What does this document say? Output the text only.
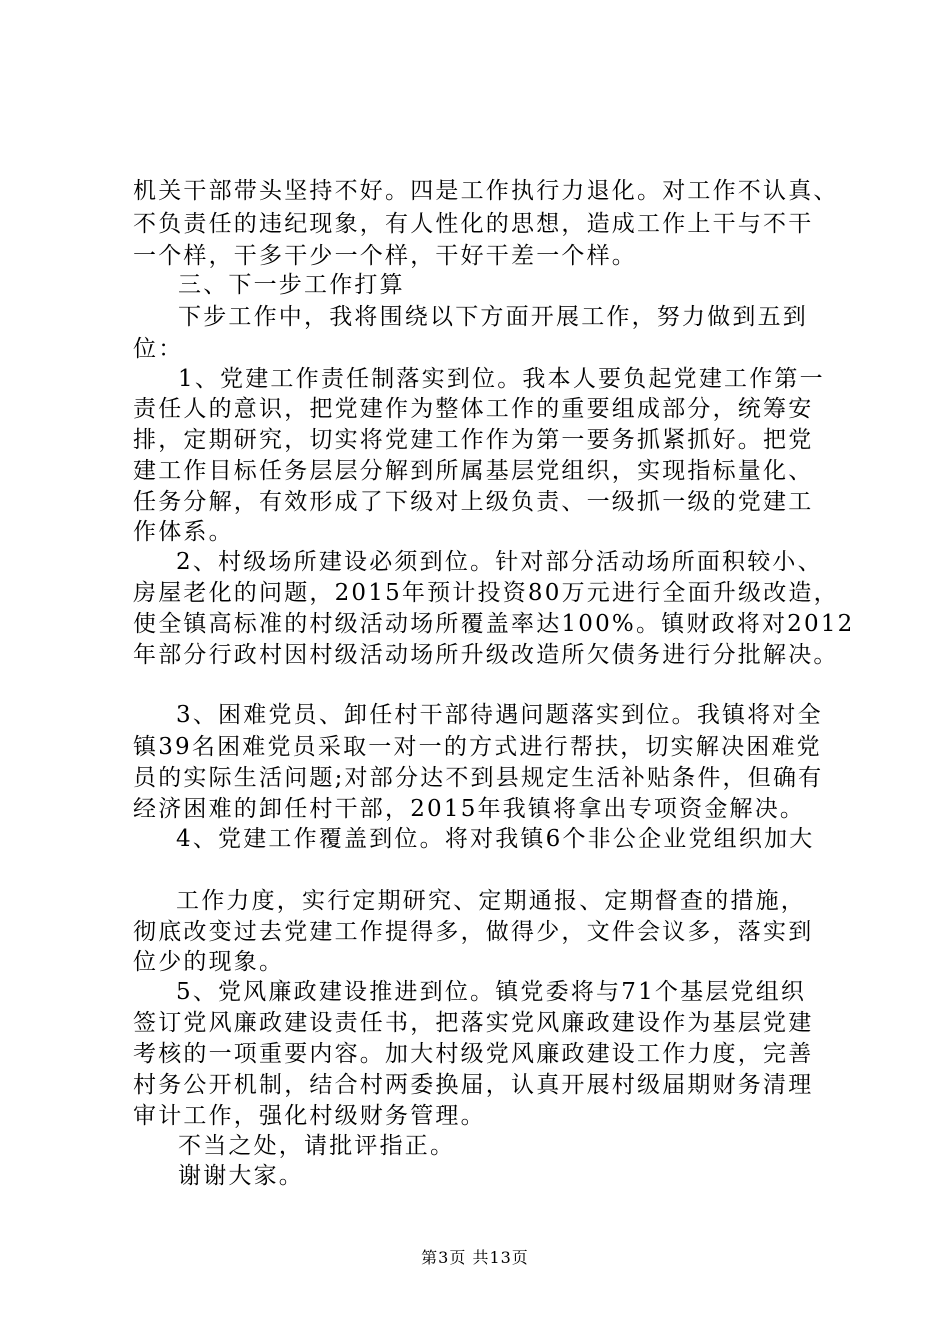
机关干部带头坚持不好。四是工作执行力退化。对工作不认真、
不负责任的违纪现象，有人性化的思想，造成工作上干与不干
一个样，干多干少一个样，干好干差一个样。
三、下一步工作打算
下步工作中，我将围绕以下方面开展工作，努力做到五到
位：
1、党建工作责任制落实到位。我本人要负起党建工作第一
责任人的意识，把党建作为整体工作的重要组成部分，统筹安
排，定期研究，切实将党建工作作为第一要务抓紧抓好。把党
建工作目标任务层层分解到所属基层党组织，实现指标量化、
任务分解，有效形成了下级对上级负责、一级抓一级的党建工
作体系。
2、村级场所建设必须到位。针对部分活动场所面积较小、
房屋老化的问题，2015年预计投资80万元进行全面升级改造，
使全镇高标准的村级活动场所覆盖率达100%。镇财政将对2012
年部分行政村因村级活动场所升级改造所欠债务进行分批解决。
3、困难党员、卸任村干部待遇问题落实到位。我镇将对全
镇39名困难党员采取一对一的方式进行帮扶，切实解决困难党
员的实际生活问题;对部分达不到县规定生活补贴条件，但确有
经济困难的卸任村干部，2015年我镇将拿出专项资金解决。
4、党建工作覆盖到位。将对我镇6个非公企业党组织加大
工作力度，实行定期研究、定期通报、定期督查的措施，
彻底改变过去党建工作提得多，做得少，文件会议多，落实到
位少的现象。
5、党风廉政建设推进到位。镇党委将与71个基层党组织
签订党风廉政建设责任书，把落实党风廉政建设作为基层党建
考核的一项重要内容。加大村级党风廉政建设工作力度，完善
村务公开机制，结合村两委换届，认真开展村级届期财务清理
审计工作，强化村级财务管理。
不当之处，请批评指正。
谢谢大家。
第3页 共13页
